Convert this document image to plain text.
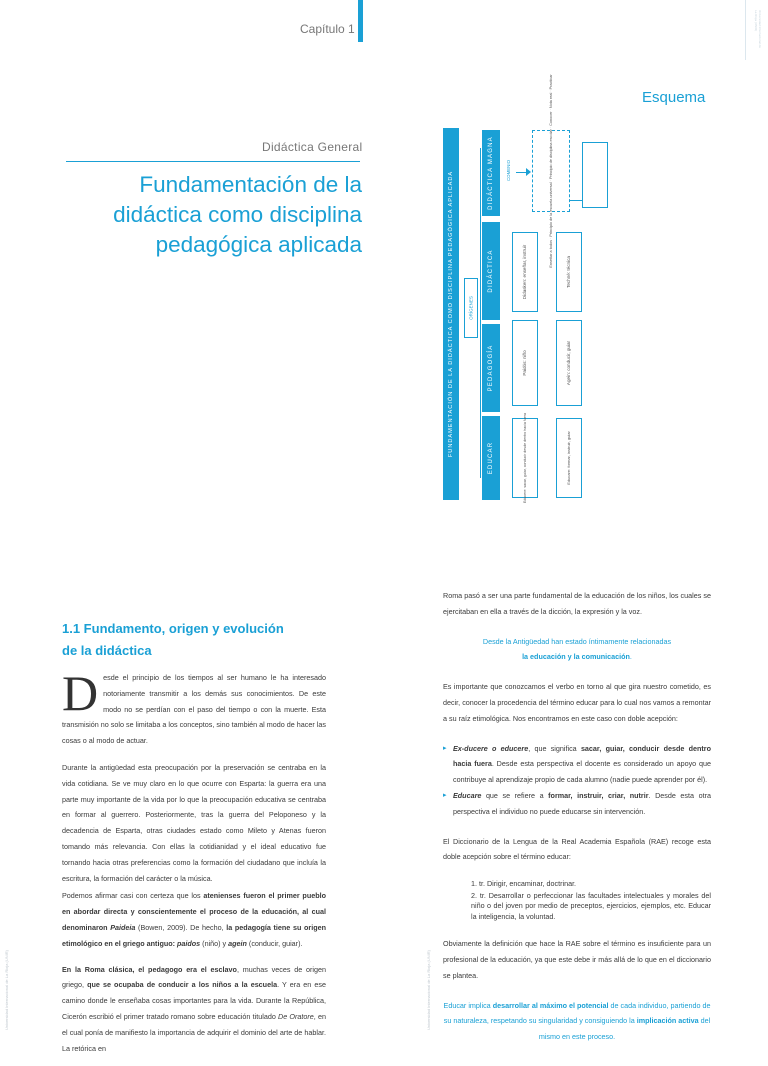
Capítulo 1	Universidad Internacional de La Rioja (UNIR)
Esquema
Didáctica General
Fundamentación de la didáctica como disciplina pedagógica aplicada	FUNDAMENTACIÓN DE LA DIDÁCTICA COMO DISCIPLINA PEDAGÓGICA APLICADA	ORÍGENES
DIDÁCTICA MAGNA	COMENIO	Enseñar a todos · Principio de la escuela universal · Principio de disciplina escolar · Conocer · Nota real · Practicar
DIDÁCTICA	Didasken: enseñar, instruir	Techné: técnica
PEDAGOGÍA	Paidós: niño	Agein: conducir, guiar
EDUCAR	Educere: sacar, guiar, conducir desde dentro hacia fuera	Educare: formar, instruir, guiar
1.1 Fundamento, origen y evolución de la didáctica

Desde el principio de los tiempos al ser humano le ha interesado notoriamente transmitir a los demás sus conocimientos. De este modo no se perdían con el paso del tiempo o con la muerte. Esta transmisión no solo se limitaba a los conceptos, sino también al modo de hacer las cosas o al modo de actuar.

Durante la antigüedad esta preocupación por la preservación se centraba en la vida cotidiana. Se ve muy claro en lo que ocurre con Esparta: la guerra era una parte muy importante de la vida por lo que la preocupación educativa se centraba en formar al guerrero. Posteriormente, tras la guerra del Peloponeso y la decadencia de Esparta, otras ciudades estado como Mileto y Atenas fueron tomando más relevancia. Con ellas la cotidianidad y el ideal educativo fue tornando hacia otras preferencias como la formación del ciudadano que incluía la escritura, la formación del carácter o la música.

Podemos afirmar casi con certeza que los atenienses fueron el primer pueblo en abordar directa y conscientemente el proceso de la educación, al cual denominaron Paideia (Bowen, 2009). De hecho, la pedagogía tiene su origen etimológico en el griego antiguo: paidos (niño) y agein (conducir, guiar).

En la Roma clásica, el pedagogo era el esclavo, muchas veces de origen griego, que se ocupaba de conducir a los niños a la escuela. Y era en ese camino donde le enseñaba cosas importantes para la vida. Durante la República, Cicerón escribió el primer tratado romano sobre educación titulado De Oratore, en el cual ponía de manifiesto la importancia de adquirir el dominio del arte de hablar. La retórica en

Roma pasó a ser una parte fundamental de la educación de los niños, los cuales se ejercitaban en ella a través de la dicción, la expresión y la voz.

Desde la Antigüedad han estado íntimamente relacionadas
la educación y la comunicación.

Es importante que conozcamos el verbo en torno al que gira nuestro cometido, es decir, conocer la procedencia del término educar para lo cual nos vamos a remontar a su raíz etimológica. Nos encontramos en este caso con doble acepción:

▸ Ex-ducere o educere, que significa sacar, guiar, conducir desde dentro hacia fuera. Desde esta perspectiva el docente es considerado un apoyo que contribuye al aprendizaje propio de cada alumno (nadie puede aprender por él).
▸ Educare que se refiere a formar, instruir, criar, nutrir. Desde esta otra perspectiva el individuo no puede educarse sin intervención.

El Diccionario de la Lengua de la Real Academia Española (RAE) recoge esta doble acepción sobre el término educar:

1. tr. Dirigir, encaminar, doctrinar.
2. tr. Desarrollar o perfeccionar las facultades intelectuales y morales del niño o del joven por medio de preceptos, ejercicios, ejemplos, etc. Educar la inteligencia, la voluntad.

Obviamente la definición que hace la RAE sobre el término es insuficiente para un profesional de la educación, ya que este debe ir más allá de lo que en el diccionario se plantea.

Educar implica desarrollar al máximo el potencial de cada individuo, partiendo de su naturaleza, respetando su singularidad y consiguiendo la implicación activa del mismo en este proceso.

Universidad Internacional de La Rioja (UNIR)	Universidad Internacional de La Rioja (UNIR)
